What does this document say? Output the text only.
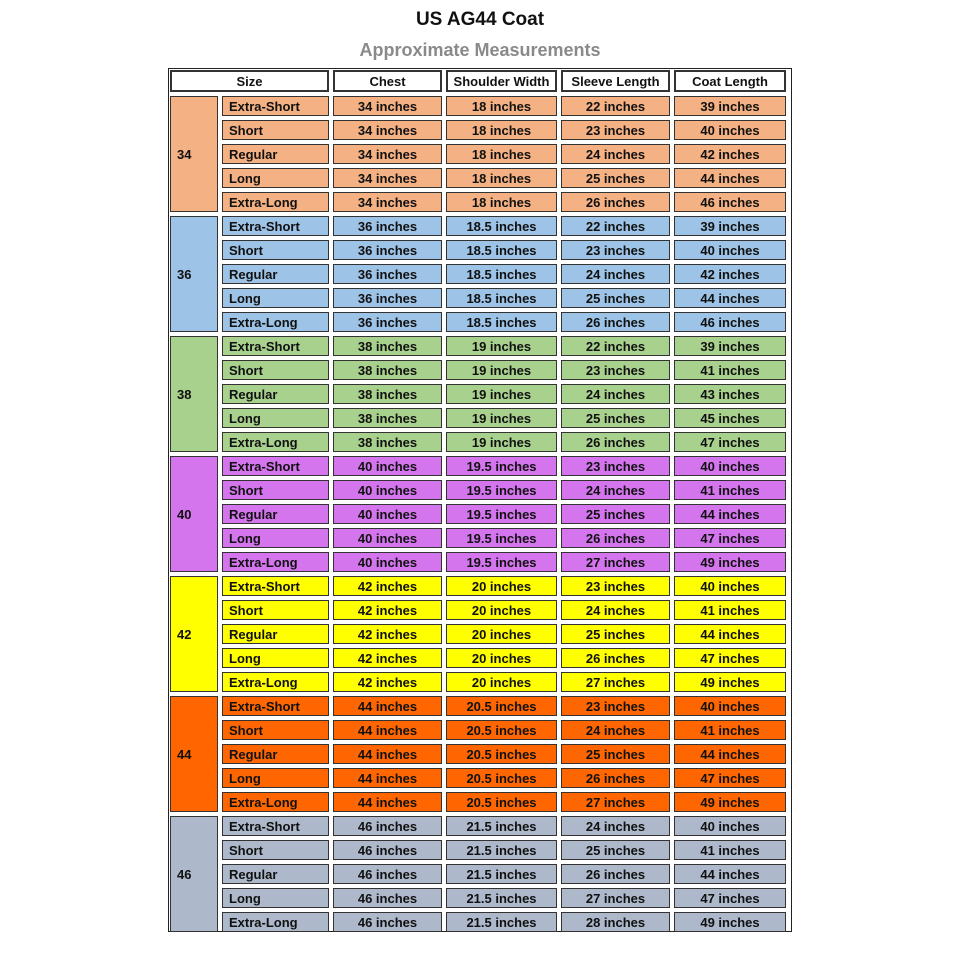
US AG44 Coat
Approximate Measurements
Size	Chest	Shoulder Width	Sleeve Length	Coat Length
34
Extra-Short	34 inches	18 inches	22 inches	39 inches
Short	34 inches	18 inches	23 inches	40 inches
Regular	34 inches	18 inches	24 inches	42 inches
Long	34 inches	18 inches	25 inches	44 inches
Extra-Long	34 inches	18 inches	26 inches	46 inches
36
Extra-Short	36 inches	18.5 inches	22 inches	39 inches
Short	36 inches	18.5 inches	23 inches	40 inches
Regular	36 inches	18.5 inches	24 inches	42 inches
Long	36 inches	18.5 inches	25 inches	44 inches
Extra-Long	36 inches	18.5 inches	26 inches	46 inches
38
Extra-Short	38 inches	19 inches	22 inches	39 inches
Short	38 inches	19 inches	23 inches	41 inches
Regular	38 inches	19 inches	24 inches	43 inches
Long	38 inches	19 inches	25 inches	45 inches
Extra-Long	38 inches	19 inches	26 inches	47 inches
40
Extra-Short	40 inches	19.5 inches	23 inches	40 inches
Short	40 inches	19.5 inches	24 inches	41 inches
Regular	40 inches	19.5 inches	25 inches	44 inches
Long	40 inches	19.5 inches	26 inches	47 inches
Extra-Long	40 inches	19.5 inches	27 inches	49 inches
42
Extra-Short	42 inches	20 inches	23 inches	40 inches
Short	42 inches	20 inches	24 inches	41 inches
Regular	42 inches	20 inches	25 inches	44 inches
Long	42 inches	20 inches	26 inches	47 inches
Extra-Long	42 inches	20 inches	27 inches	49 inches
44
Extra-Short	44 inches	20.5 inches	23 inches	40 inches
Short	44 inches	20.5 inches	24 inches	41 inches
Regular	44 inches	20.5 inches	25 inches	44 inches
Long	44 inches	20.5 inches	26 inches	47 inches
Extra-Long	44 inches	20.5 inches	27 inches	49 inches
46
Extra-Short	46 inches	21.5 inches	24 inches	40 inches
Short	46 inches	21.5 inches	25 inches	41 inches
Regular	46 inches	21.5 inches	26 inches	44 inches
Long	46 inches	21.5 inches	27 inches	47 inches
Extra-Long	46 inches	21.5 inches	28 inches	49 inches
